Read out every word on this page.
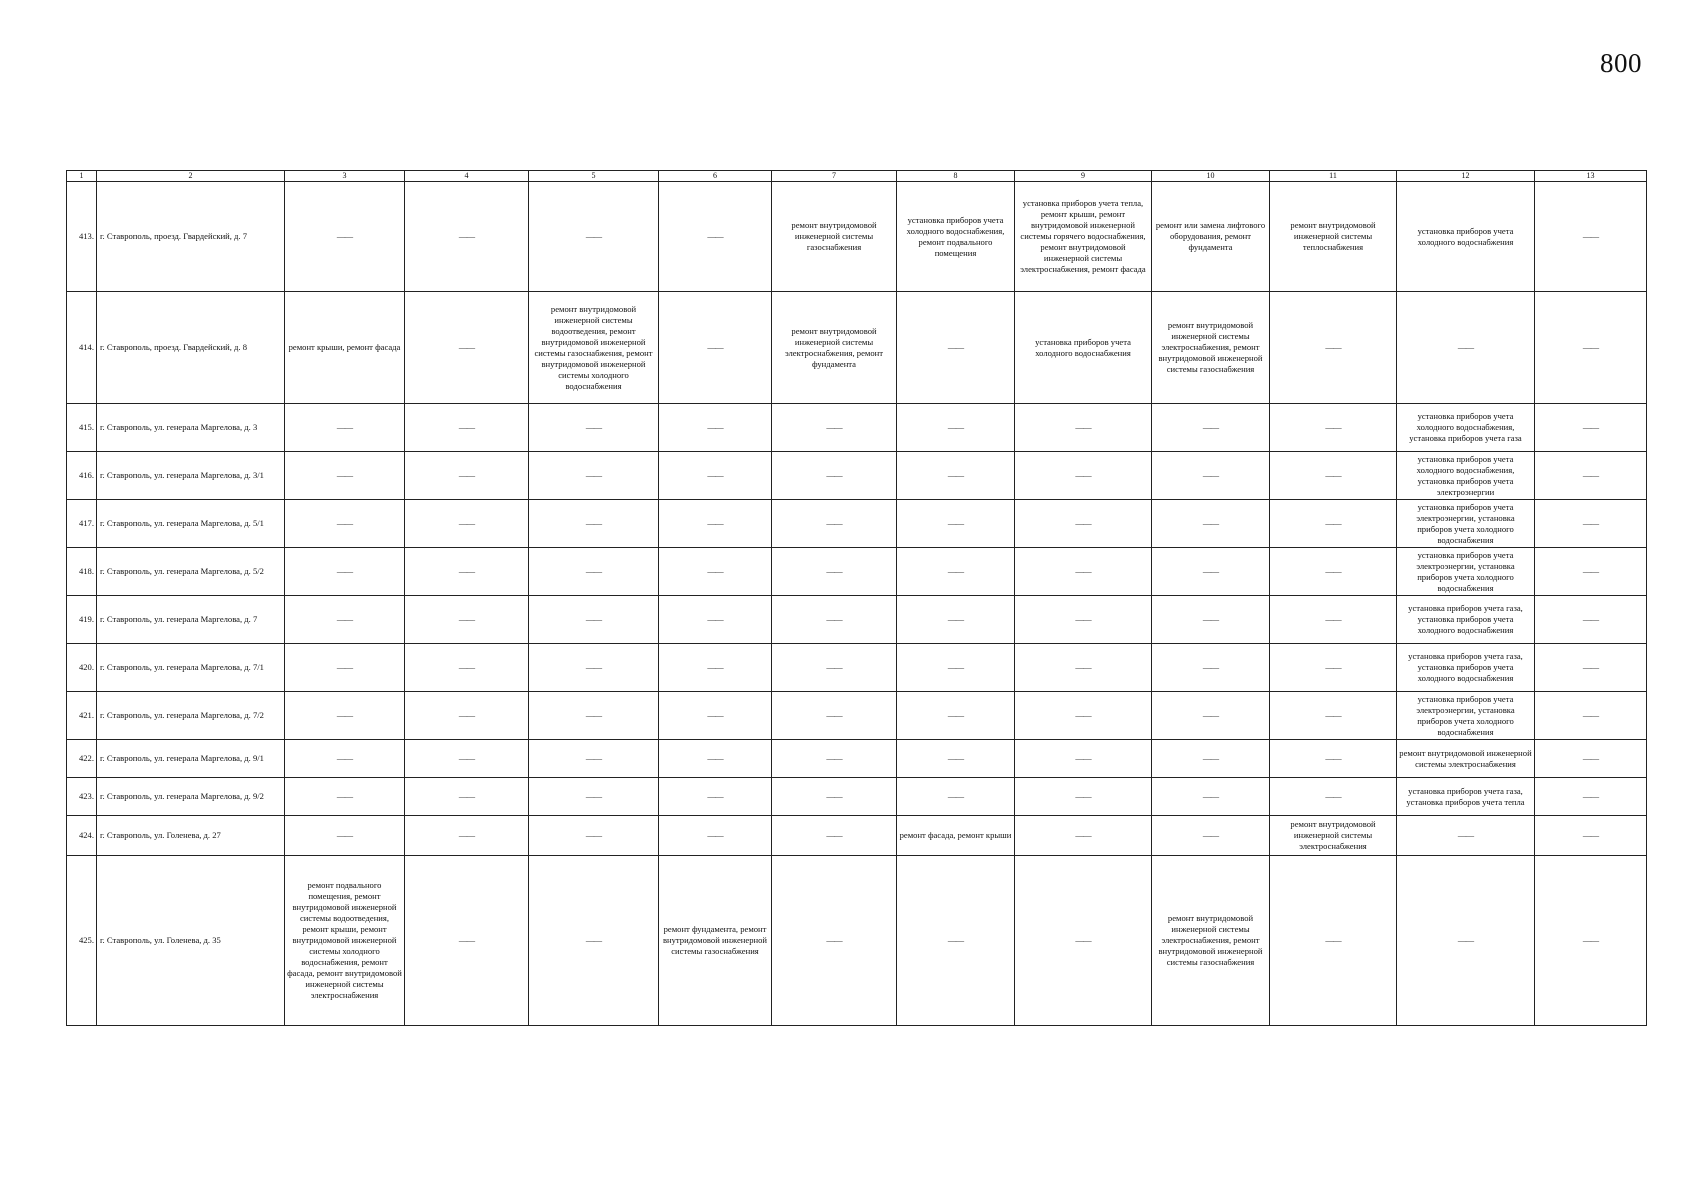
800
1	2	3	4	5	6	7	8	9	10	11	12	13
413.	г. Ставрополь, проезд. Гвардейский, д. 7	——	——	——	——	ремонт внутридомовой инженерной системы газоснабжения	установка приборов учета холодного водоснабжения, ремонт подвального помещения	установка приборов учета тепла, ремонт крыши, ремонт внутридомовой инженерной системы горячего водоснабжения, ремонт внутридомовой инженерной системы электроснабжения, ремонт фасада	ремонт или замена лифтового оборудования, ремонт фундамента	ремонт внутридомовой инженерной системы теплоснабжения	установка приборов учета холодного водоснабжения	——
414.	г. Ставрополь, проезд. Гвардейский, д. 8	ремонт крыши, ремонт фасада	——	ремонт внутридомовой инженерной системы водоотведения, ремонт внутридомовой инженерной системы газоснабжения, ремонт внутридомовой инженерной системы холодного водоснабжения	——	ремонт внутридомовой инженерной системы электроснабжения, ремонт фундамента	——	установка приборов учета холодного водоснабжения	ремонт внутридомовой инженерной системы электроснабжения, ремонт внутридомовой инженерной системы газоснабжения	——	——	——
415.	г. Ставрополь, ул. генерала Маргелова, д. 3	——	——	——	——	——	——	——	——	——	установка приборов учета холодного водоснабжения, установка приборов учета газа	——
416.	г. Ставрополь, ул. генерала Маргелова, д. 3/1	——	——	——	——	——	——	——	——	——	установка приборов учета холодного водоснабжения, установка приборов учета электроэнергии	——
417.	г. Ставрополь, ул. генерала Маргелова, д. 5/1	——	——	——	——	——	——	——	——	——	установка приборов учета электроэнергии, установка приборов учета холодного водоснабжения	——
418.	г. Ставрополь, ул. генерала Маргелова, д. 5/2	——	——	——	——	——	——	——	——	——	установка приборов учета электроэнергии, установка приборов учета холодного водоснабжения	——
419.	г. Ставрополь, ул. генерала Маргелова, д. 7	——	——	——	——	——	——	——	——	——	установка приборов учета газа, установка приборов учета холодного водоснабжения	——
420.	г. Ставрополь, ул. генерала Маргелова, д. 7/1	——	——	——	——	——	——	——	——	——	установка приборов учета газа, установка приборов учета холодного водоснабжения	——
421.	г. Ставрополь, ул. генерала Маргелова, д. 7/2	——	——	——	——	——	——	——	——	——	установка приборов учета электроэнергии, установка приборов учета холодного водоснабжения	——
422.	г. Ставрополь, ул. генерала Маргелова, д. 9/1	——	——	——	——	——	——	——	——	——	ремонт внутридомовой инженерной системы электроснабжения	——
423.	г. Ставрополь, ул. генерала Маргелова, д. 9/2	——	——	——	——	——	——	——	——	——	установка приборов учета газа, установка приборов учета тепла	——
424.	г. Ставрополь, ул. Голенева, д. 27	——	——	——	——	——	ремонт фасада, ремонт крыши	——	——	ремонт внутридомовой инженерной системы электроснабжения	——	——
425.	г. Ставрополь, ул. Голенева, д. 35	ремонт подвального помещения, ремонт внутридомовой инженерной системы водоотведения, ремонт крыши, ремонт внутридомовой инженерной системы холодного водоснабжения, ремонт фасада, ремонт внутридомовой инженерной системы электроснабжения	——	——	ремонт фундамента, ремонт внутридомовой инженерной системы газоснабжения	——	——	——	ремонт внутридомовой инженерной системы электроснабжения, ремонт внутридомовой инженерной системы газоснабжения	——	——	——
